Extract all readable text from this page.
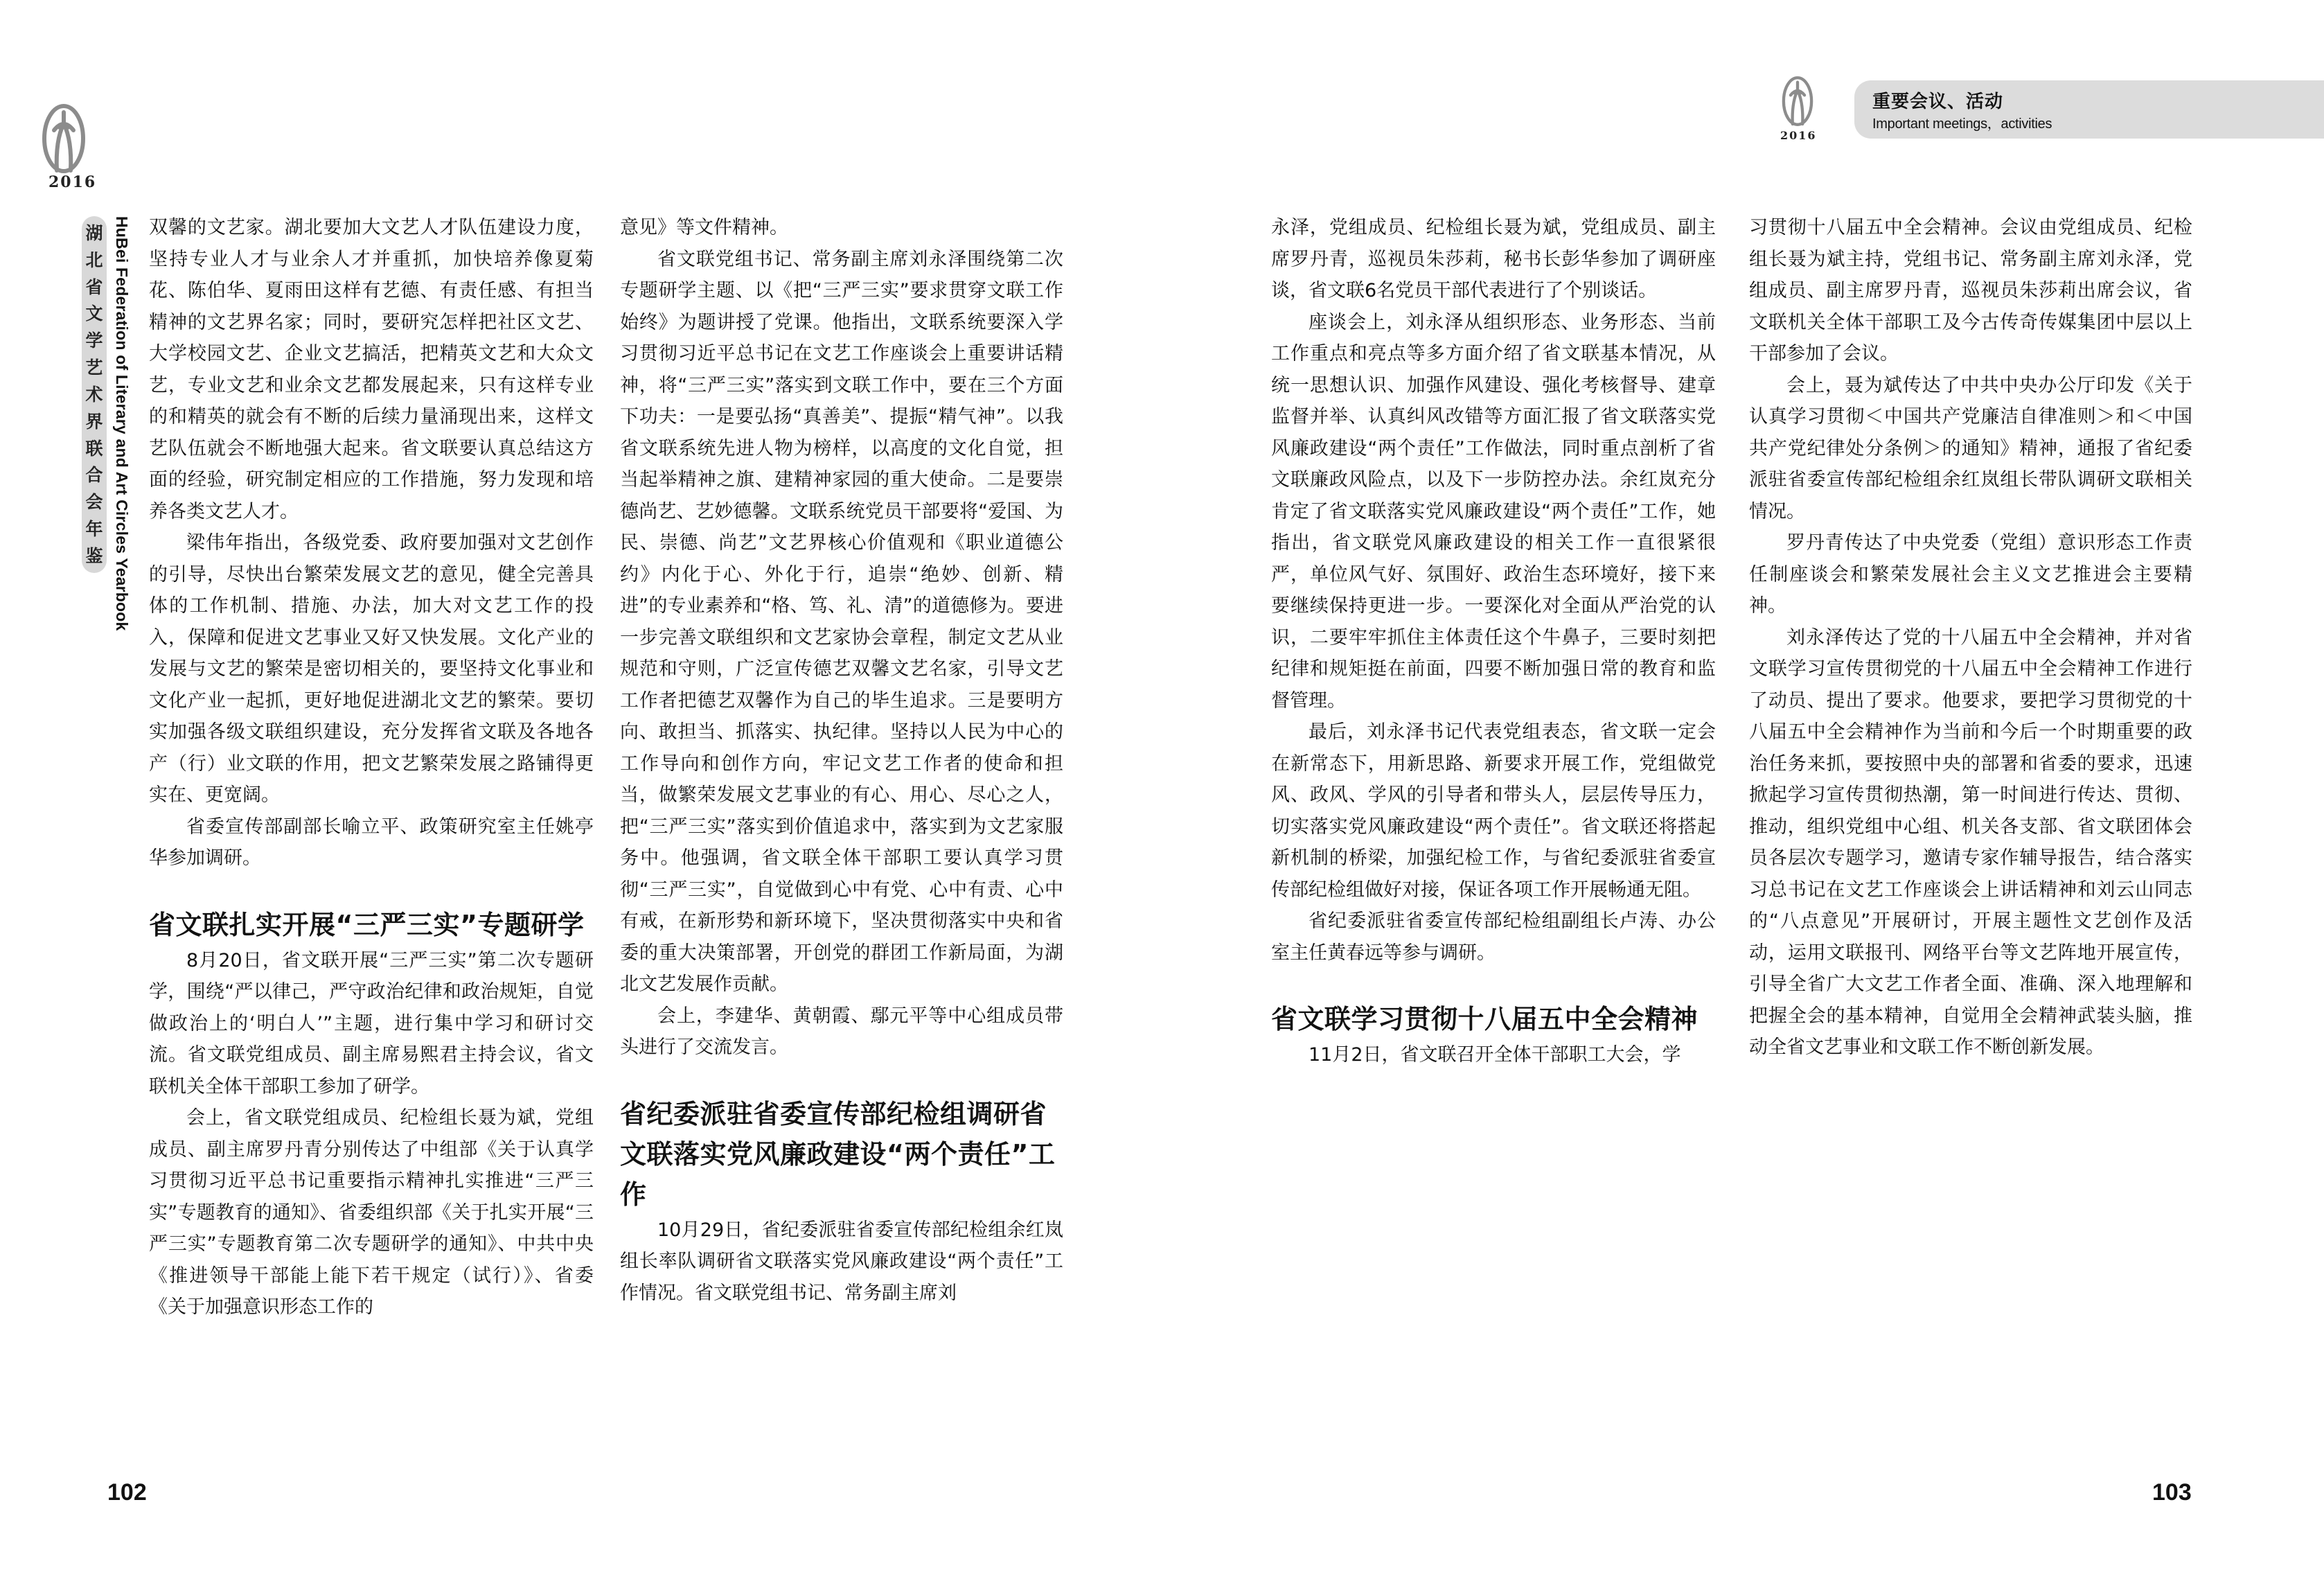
2016
湖
北
省
文
学
艺
术
界
联
合
会
年
鉴 HuBei Federation of Literary and Art Circles Yearbook 双馨的文艺家。湖北要加大文艺人才队伍建设力度，坚持专业人才与业余人才并重抓，加快培养像夏菊花、陈伯华、夏雨田这样有艺德、有责任感、有担当精神的文艺界名家；同时，要研究怎样把社区文艺、大学校园文艺、企业文艺搞活，把精英文艺和大众文艺，专业文艺和业余文艺都发展起来，只有这样专业的和精英的就会有不断的后续力量涌现出来，这样文艺队伍就会不断地强大起来。省文联要认真总结这方面的经验，研究制定相应的工作措施，努力发现和培养各类文艺人才。

梁伟年指出，各级党委、政府要加强对文艺创作的引导，尽快出台繁荣发展文艺的意见，健全完善具体的工作机制、措施、办法，加大对文艺工作的投入，保障和促进文艺事业又好又快发展。文化产业的发展与文艺的繁荣是密切相关的，要坚持文化事业和文化产业一起抓，更好地促进湖北文艺的繁荣。要切实加强各级文联组织建设，充分发挥省文联及各地各产（行）业文联的作用，把文艺繁荣发展之路铺得更实在、更宽阔。

省委宣传部副部长喻立平、政策研究室主任姚亭华参加调研。

省文联扎实开展“三严三实”专题研学

8月20日，省文联开展“三严三实”第二次专题研学，围绕“严以律己，严守政治纪律和政治规矩，自觉做政治上的‘明白人’”主题，进行集中学习和研讨交流。省文联党组成员、副主席易熙君主持会议，省文联机关全体干部职工参加了研学。

会上，省文联党组成员、纪检组长聂为斌，党组成员、副主席罗丹青分别传达了中组部《关于认真学习贯彻习近平总书记重要指示精神扎实推进“三严三实”专题教育的通知》、省委组织部《关于扎实开展“三严三实”专题教育第二次专题研学的通知》、中共中央《推进领导干部能上能下若干规定（试行）》、省委《关于加强意识形态工作的

意见》等文件精神。

省文联党组书记、常务副主席刘永泽围绕第二次专题研学主题、以《把“三严三实”要求贯穿文联工作始终》为题讲授了党课。他指出，文联系统要深入学习贯彻习近平总书记在文艺工作座谈会上重要讲话精神，将“三严三实”落实到文联工作中，要在三个方面下功夫：一是要弘扬“真善美”、提振“精气神”。以我省文联系统先进人物为榜样，以高度的文化自觉，担当起举精神之旗、建精神家园的重大使命。二是要崇德尚艺、艺妙德馨。文联系统党员干部要将“爱国、为民、崇德、尚艺”文艺界核心价值观和《职业道德公约》内化于心、外化于行，追崇“绝妙、创新、精进”的专业素养和“格、笃、礼、清”的道德修为。要进一步完善文联组织和文艺家协会章程，制定文艺从业规范和守则，广泛宣传德艺双馨文艺名家，引导文艺工作者把德艺双馨作为自己的毕生追求。三是要明方向、敢担当、抓落实、执纪律。坚持以人民为中心的工作导向和创作方向，牢记文艺工作者的使命和担当，做繁荣发展文艺事业的有心、用心、尽心之人，把“三严三实”落实到价值追求中，落实到为文艺家服务中。他强调，省文联全体干部职工要认真学习贯彻“三严三实”，自觉做到心中有党、心中有责、心中有戒，在新形势和新环境下，坚决贯彻落实中央和省委的重大决策部署，开创党的群团工作新局面，为湖北文艺发展作贡献。

会上，李建华、黄朝霞、鄢元平等中心组成员带头进行了交流发言。

省纪委派驻省委宣传部纪检组调研省文联落实党风廉政建设“两个责任”工作

10月29日，省纪委派驻省委宣传部纪检组余红岚组长率队调研省文联落实党风廉政建设“两个责任”工作情况。省文联党组书记、常务副主席刘

102
2016
重要会议、活动
Important meetings，activities

永泽，党组成员、纪检组长聂为斌，党组成员、副主席罗丹青，巡视员朱莎莉，秘书长彭华参加了调研座谈，省文联6名党员干部代表进行了个别谈话。

座谈会上，刘永泽从组织形态、业务形态、当前工作重点和亮点等多方面介绍了省文联基本情况，从统一思想认识、加强作风建设、强化考核督导、建章监督并举、认真纠风改错等方面汇报了省文联落实党风廉政建设“两个责任”工作做法，同时重点剖析了省文联廉政风险点，以及下一步防控办法。余红岚充分肯定了省文联落实党风廉政建设“两个责任”工作，她指出，省文联党风廉政建设的相关工作一直很紧很严，单位风气好、氛围好、政治生态环境好，接下来要继续保持更进一步。一要深化对全面从严治党的认识，二要牢牢抓住主体责任这个牛鼻子，三要时刻把纪律和规矩挺在前面，四要不断加强日常的教育和监督管理。

最后，刘永泽书记代表党组表态，省文联一定会在新常态下，用新思路、新要求开展工作，党组做党风、政风、学风的引导者和带头人，层层传导压力，切实落实党风廉政建设“两个责任”。省文联还将搭起新机制的桥梁，加强纪检工作，与省纪委派驻省委宣传部纪检组做好对接，保证各项工作开展畅通无阻。

省纪委派驻省委宣传部纪检组副组长卢涛、办公室主任黄春远等参与调研。

省文联学习贯彻十八届五中全会精神

11月2日，省文联召开全体干部职工大会，学

习贯彻十八届五中全会精神。会议由党组成员、纪检组长聂为斌主持，党组书记、常务副主席刘永泽，党组成员、副主席罗丹青，巡视员朱莎莉出席会议，省文联机关全体干部职工及今古传奇传媒集团中层以上干部参加了会议。

会上，聂为斌传达了中共中央办公厅印发《关于认真学习贯彻＜中国共产党廉洁自律准则＞和＜中国共产党纪律处分条例＞的通知》精神，通报了省纪委派驻省委宣传部纪检组余红岚组长带队调研文联相关情况。

罗丹青传达了中央党委（党组）意识形态工作责任制座谈会和繁荣发展社会主义文艺推进会主要精神。

刘永泽传达了党的十八届五中全会精神，并对省文联学习宣传贯彻党的十八届五中全会精神工作进行了动员、提出了要求。他要求，要把学习贯彻党的十八届五中全会精神作为当前和今后一个时期重要的政治任务来抓，要按照中央的部署和省委的要求，迅速掀起学习宣传贯彻热潮，第一时间进行传达、贯彻、推动，组织党组中心组、机关各支部、省文联团体会员各层次专题学习，邀请专家作辅导报告，结合落实习总书记在文艺工作座谈会上讲话精神和刘云山同志的“八点意见”开展研讨，开展主题性文艺创作及活动，运用文联报刊、网络平台等文艺阵地开展宣传，引导全省广大文艺工作者全面、准确、深入地理解和把握全会的基本精神，自觉用全会精神武装头脑，推动全省文艺事业和文联工作不断创新发展。

103
